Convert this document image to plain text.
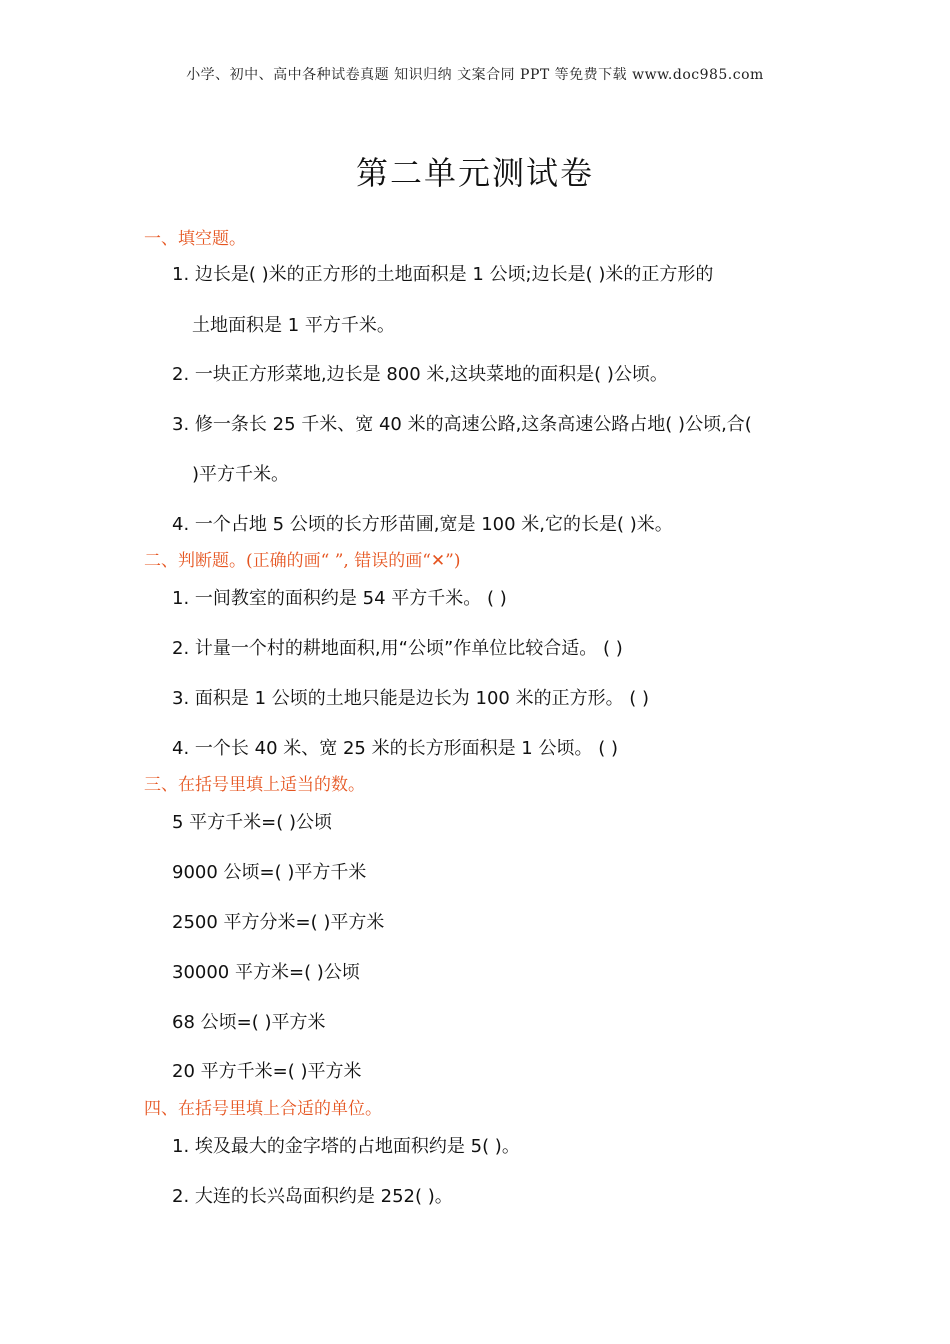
小学、初中、高中各种试卷真题 知识归纳 文案合同 PPT 等免费下载 www.doc985.com
第二单元测试卷
一、填空题。
1. 边长是( )米的正方形的土地面积是 1 公顷;边长是( )米的正方形的
土地面积是 1 平方千米。
2. 一块正方形菜地,边长是 800 米,这块菜地的面积是( )公顷。
3. 修一条长 25 千米、宽 40 米的高速公路,这条高速公路占地( )公顷,合(
)平方千米。
4. 一个占地 5 公顷的长方形苗圃,宽是 100 米,它的长是( )米。
二、判断题。(正确的画“ ”, 错误的画“✕”)
1. 一间教室的面积约是 54 平方千米。 ( )
2. 计量一个村的耕地面积,用“公顷”作单位比较合适。 ( )
3. 面积是 1 公顷的土地只能是边长为 100 米的正方形。 ( )
4. 一个长 40 米、宽 25 米的长方形面积是 1 公顷。 ( )
三、在括号里填上适当的数。
5 平方千米=( )公顷
9000 公顷=( )平方千米
2500 平方分米=( )平方米
30000 平方米=( )公顷
68 公顷=( )平方米
20 平方千米=( )平方米
四、在括号里填上合适的单位。
1. 埃及最大的金字塔的占地面积约是 5( )。
2. 大连的长兴岛面积约是 252( )。
